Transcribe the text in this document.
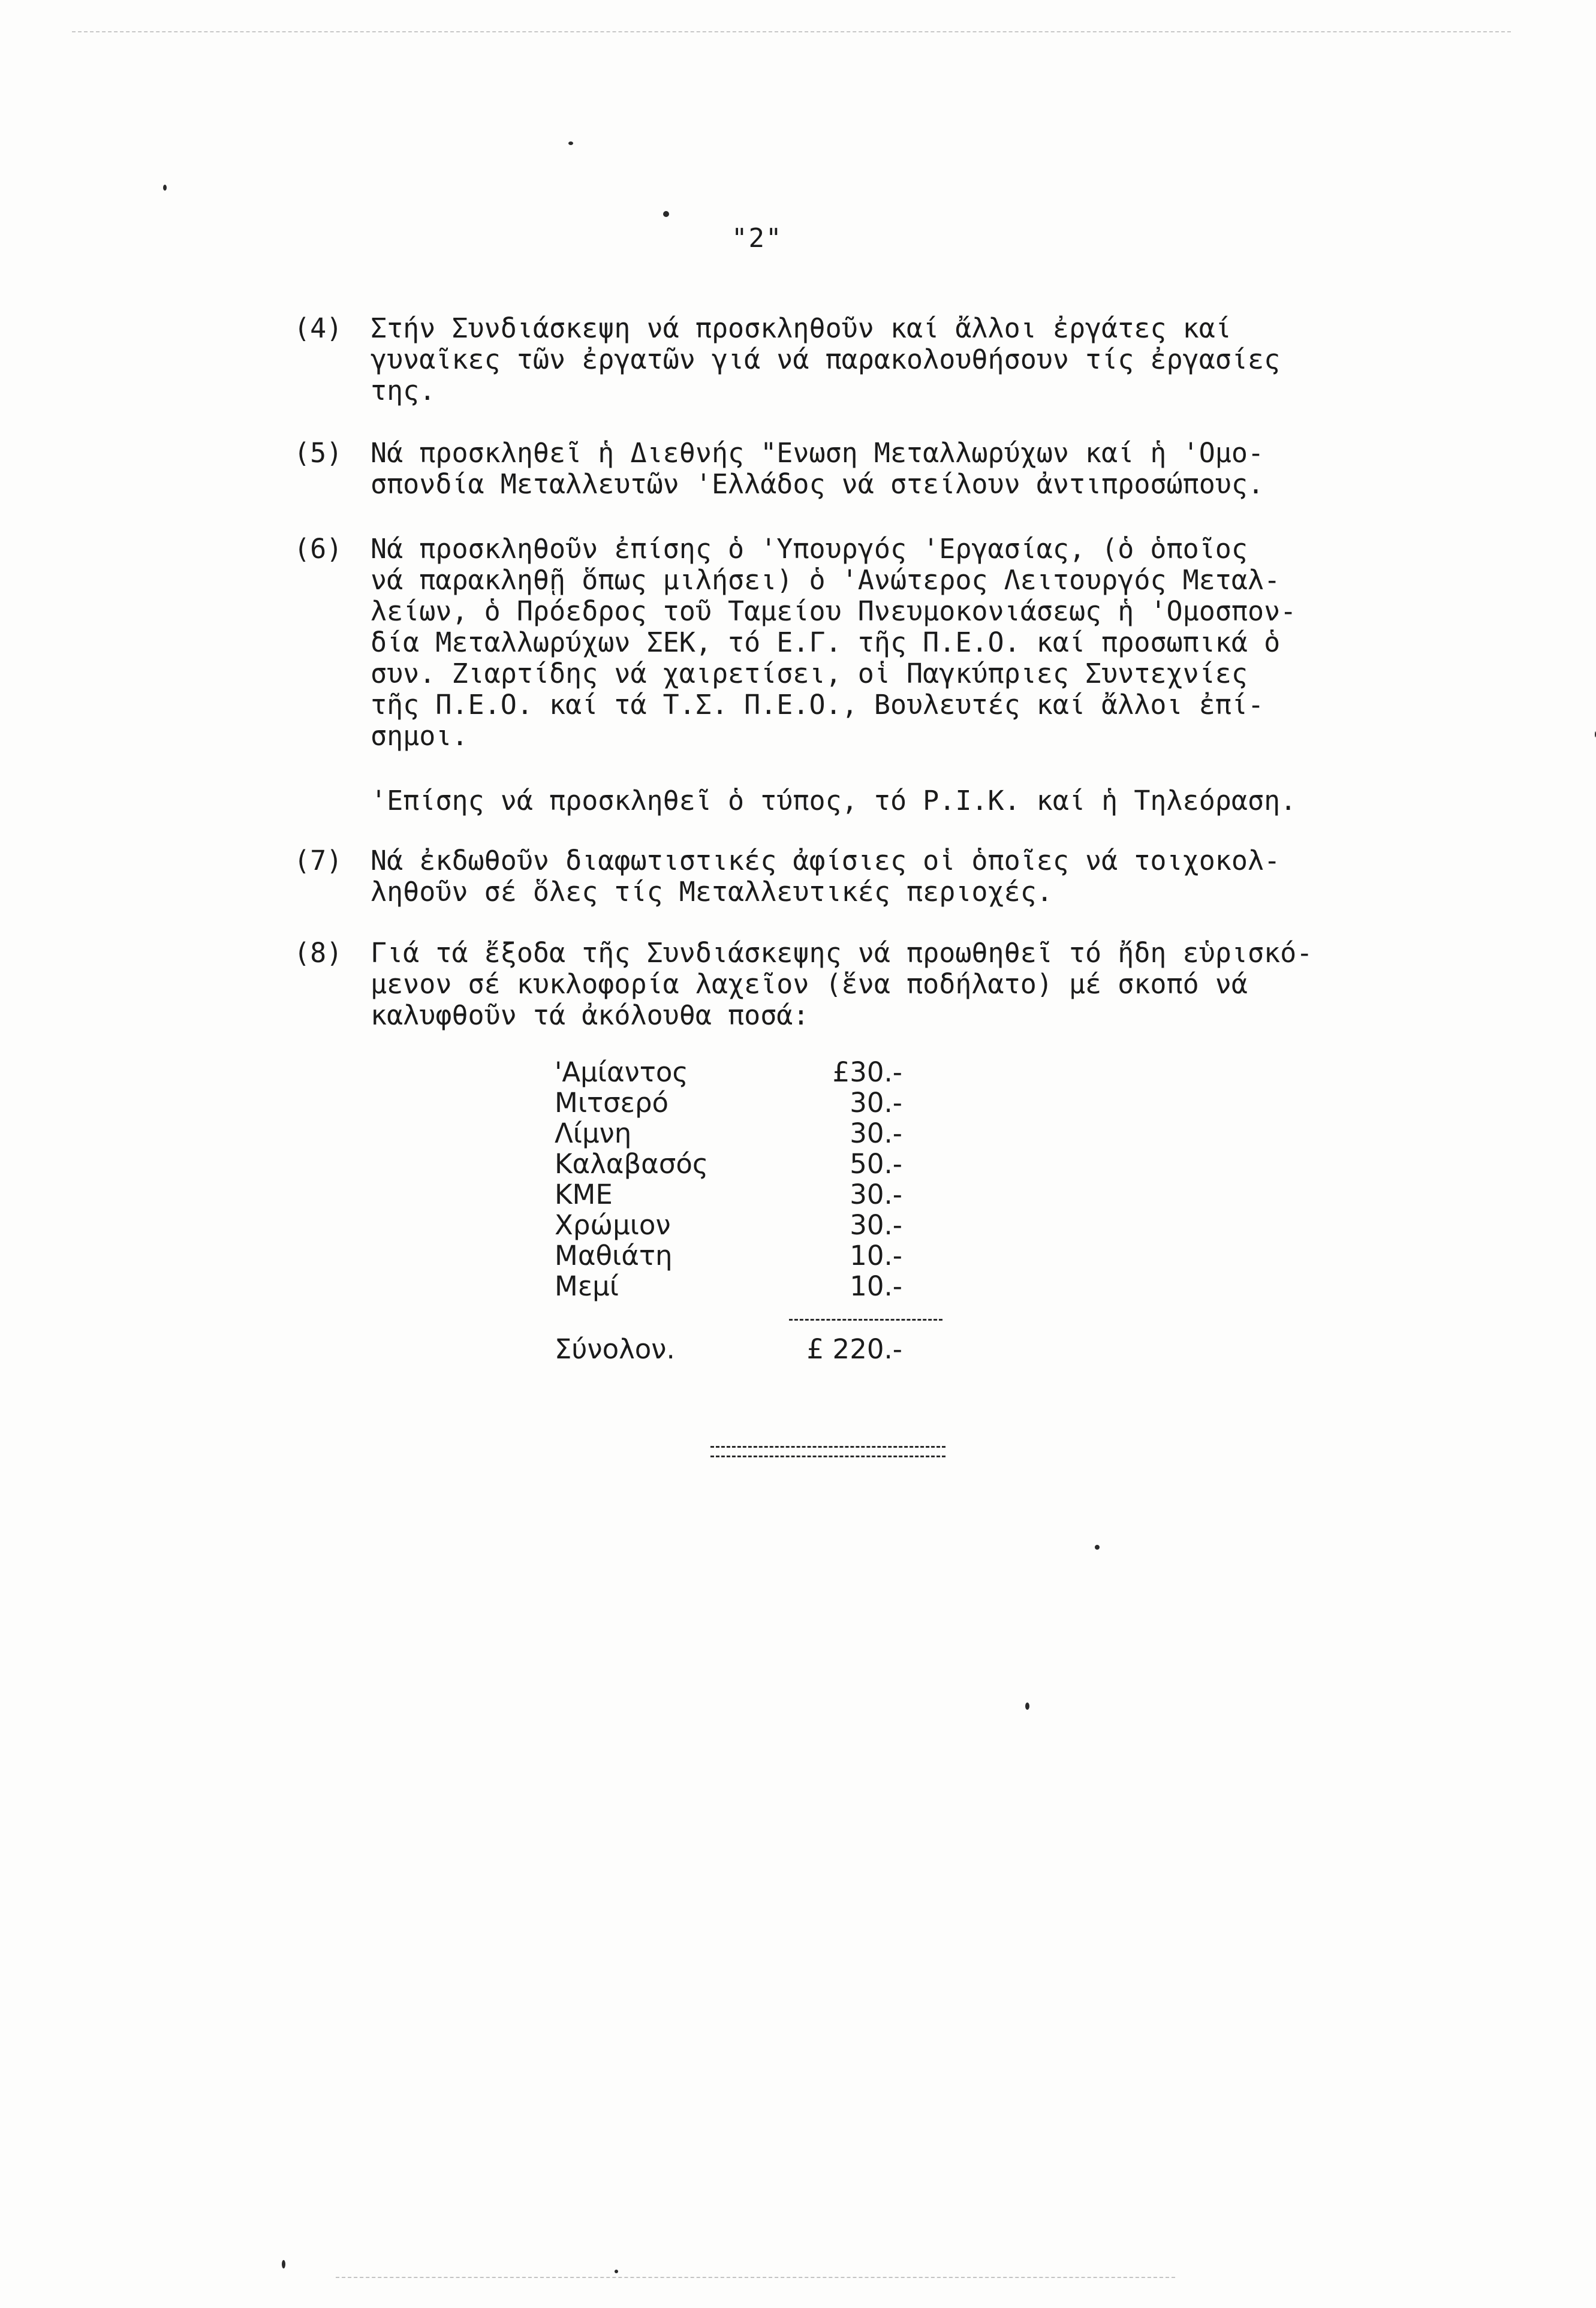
"2"
(4)	Στήν Συνδιάσκεψη νά προσκληθοῦν καί ἄλλοι ἐργάτες καί
γυναῖκες τῶν ἐργατῶν γιά νά παρακολουθήσουν τίς ἐργασίες
της.
(5)	Νά προσκληθεῖ ἡ Διεθνής "Ενωση Μεταλλωρύχων καί ἡ 'Ομο-
σπονδία Μεταλλευτῶν 'Ελλάδος νά στείλουν ἀντιπροσώπους.
(6)	Νά προσκληθοῦν ἐπίσης ὁ 'Υπουργός 'Εργασίας, (ὁ ὁποῖος
νά παρακληθῇ ὅπως μιλήσει) ὁ 'Ανώτερος Λειτουργός Μεταλ-
λείων, ὁ Πρόεδρος τοῦ Ταμείου Πνευμοκονιάσεως ἡ 'Ομοσπον-
δία Μεταλλωρύχων ΣΕΚ, τό Ε.Γ. τῆς Π.Ε.Ο. καί προσωπικά ὁ
συν. Ζιαρτίδης νά χαιρετίσει, οἱ Παγκύπριες Συντεχνίες
τῆς Π.Ε.Ο. καί τά Τ.Σ. Π.Ε.Ο., Βουλευτές καί ἄλλοι ἐπί-
σημοι.
'Επίσης νά προσκληθεῖ ὁ τύπος, τό Ρ.Ι.Κ. καί ἡ Τηλεόραση.
(7)	Νά ἐκδωθοῦν διαφωτιστικές ἀφίσιες οἱ ὁποῖες νά τοιχοκολ-
ληθοῦν σέ ὅλες τίς Μεταλλευτικές περιοχές.
(8)	Γιά τά ἔξοδα τῆς Συνδιάσκεψης νά προωθηθεῖ τό ἤδη εὑρισκό-
μενον σέ κυκλοφορία λαχεῖον (ἕνα ποδήλατο) μέ σκοπό νά
καλυφθοῦν τά ἀκόλουθα ποσά:
'Αμίαντος	£30.-
Μιτσερό	30.-
Λίμνη	30.-
Καλαβασός	50.-
ΚΜΕ	30.-
Χρώμιον	30.-
Μαθιάτη	10.-
Μεμί	10.-
Σύνολον.	£ 220.-
